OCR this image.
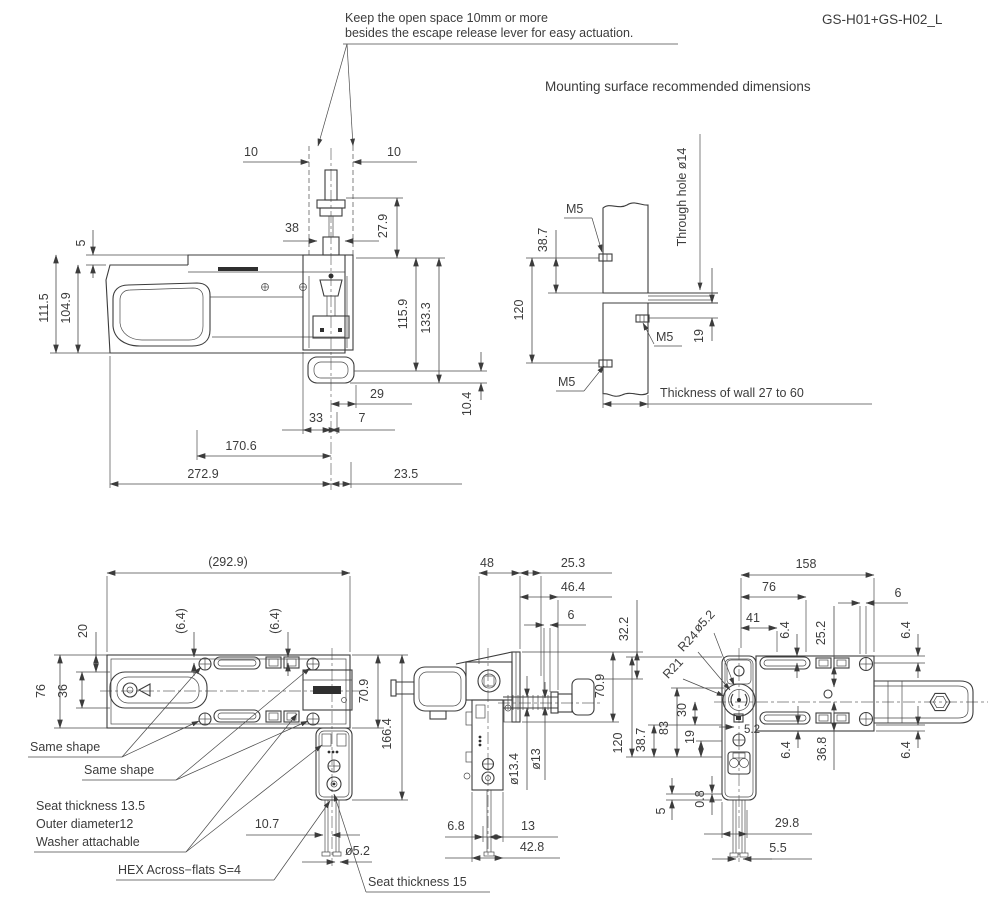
Keep the open space 10mm or more
besides the escape release lever for easy actuation.
GS-H01+GS-H02_L
Mounting surface recommended dimensions
10	10
38	27.9
5
111.5 104.9	115.9 133.3
10.4
29
33	7
170.6
272.9	23.5
M5
M5
M5
Through hole ø14
38.7
120
19
Thickness of wall 27 to 60
(292.9)
20	(6.4)	(6.4)
76 36	70.9
166.4
10.7
ø5.2
Same shape
Same shape
Seat thickness 13.5
Outer diameter12
Washer attachable
HEX Across−flats S=4
Seat thickness 15
48	25.3
46.4
6
32.2
70.9
ø13.4 ø13
6.8	13
42.8
158
76
41
6.4 25.2
6
6.4
ø5.2
R24
R21
120 38.7 83
30
19
5.2
6.4 36.8	6.4
5
0.8
29.8
5.5
